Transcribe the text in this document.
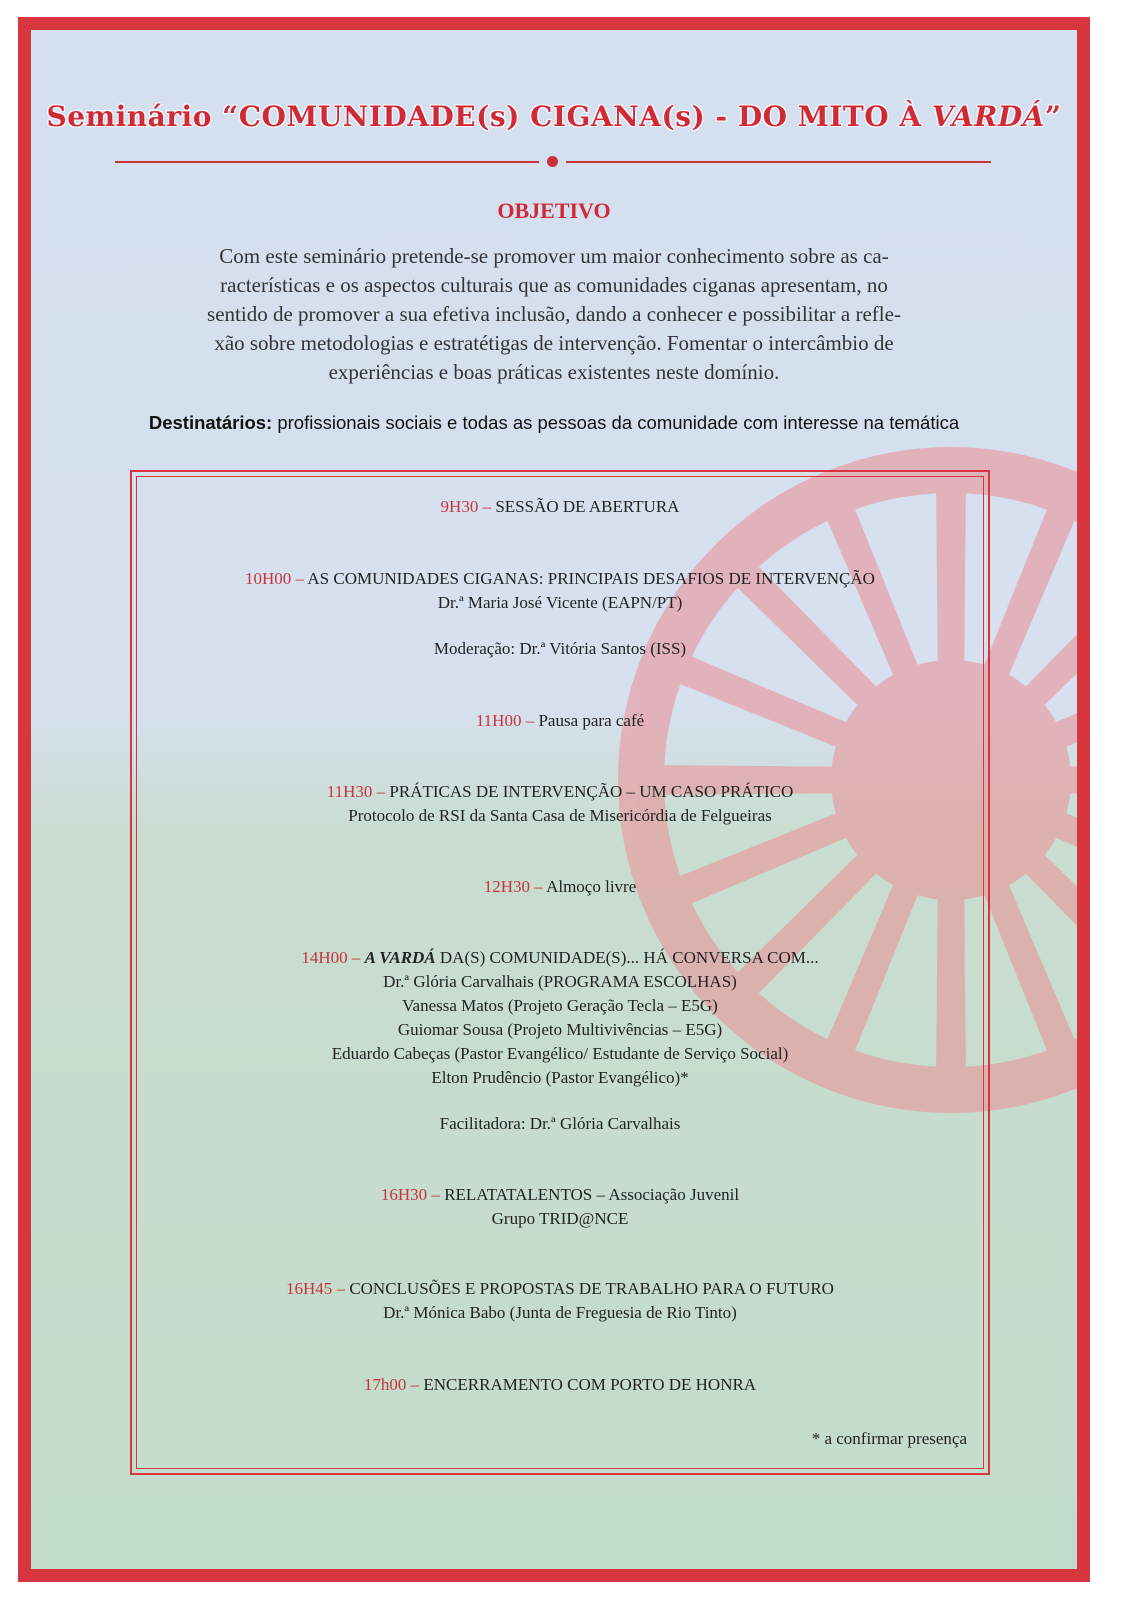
Seminário “COMUNIDADE(s) CIGANA(s) - DO MITO À VARDÁ”
OBJETIVO
Com este seminário pretende-se promover um maior conhecimento sobre as ca-
racterísticas e os aspectos culturais que as comunidades ciganas apresentam, no
sentido de promover a sua efetiva inclusão, dando a conhecer e possibilitar a refle-
xão sobre metodologias e estratétigas de intervenção. Fomentar o intercâmbio de
experiências e boas práticas existentes neste domínio.
Destinatários: profissionais sociais e todas as pessoas da comunidade com interesse na temática
9H30 – SESSÃO DE ABERTURA
10H00 – AS COMUNIDADES CIGANAS: PRINCIPAIS DESAFIOS DE INTERVENÇÃO
Dr.ª Maria José Vicente (EAPN/PT)
Moderação: Dr.ª Vitória Santos (ISS)
11H00 – Pausa para café
11H30 – PRÁTICAS DE INTERVENÇÃO – UM CASO PRÁTICO
Protocolo de RSI da Santa Casa de Misericórdia de Felgueiras
12H30 – Almoço livre
14H00 – A VARDÁ DA(S) COMUNIDADE(S)... HÁ CONVERSA COM...
Dr.ª Glória Carvalhais (PROGRAMA ESCOLHAS)
Vanessa Matos (Projeto Geração Tecla – E5G)
Guiomar Sousa (Projeto Multivivências – E5G)
Eduardo Cabeças (Pastor Evangélico/ Estudante de Serviço Social)
Elton Prudêncio (Pastor Evangélico)*
Facilitadora: Dr.ª Glória Carvalhais
16H30 – RELATATALENTOS – Associação Juvenil
Grupo TRID@NCE
16H45 – CONCLUSÕES E PROPOSTAS DE TRABALHO PARA O FUTURO
Dr.ª Mónica Babo (Junta de Freguesia de Rio Tinto)
17h00 – ENCERRAMENTO COM PORTO DE HONRA
* a confirmar presença
